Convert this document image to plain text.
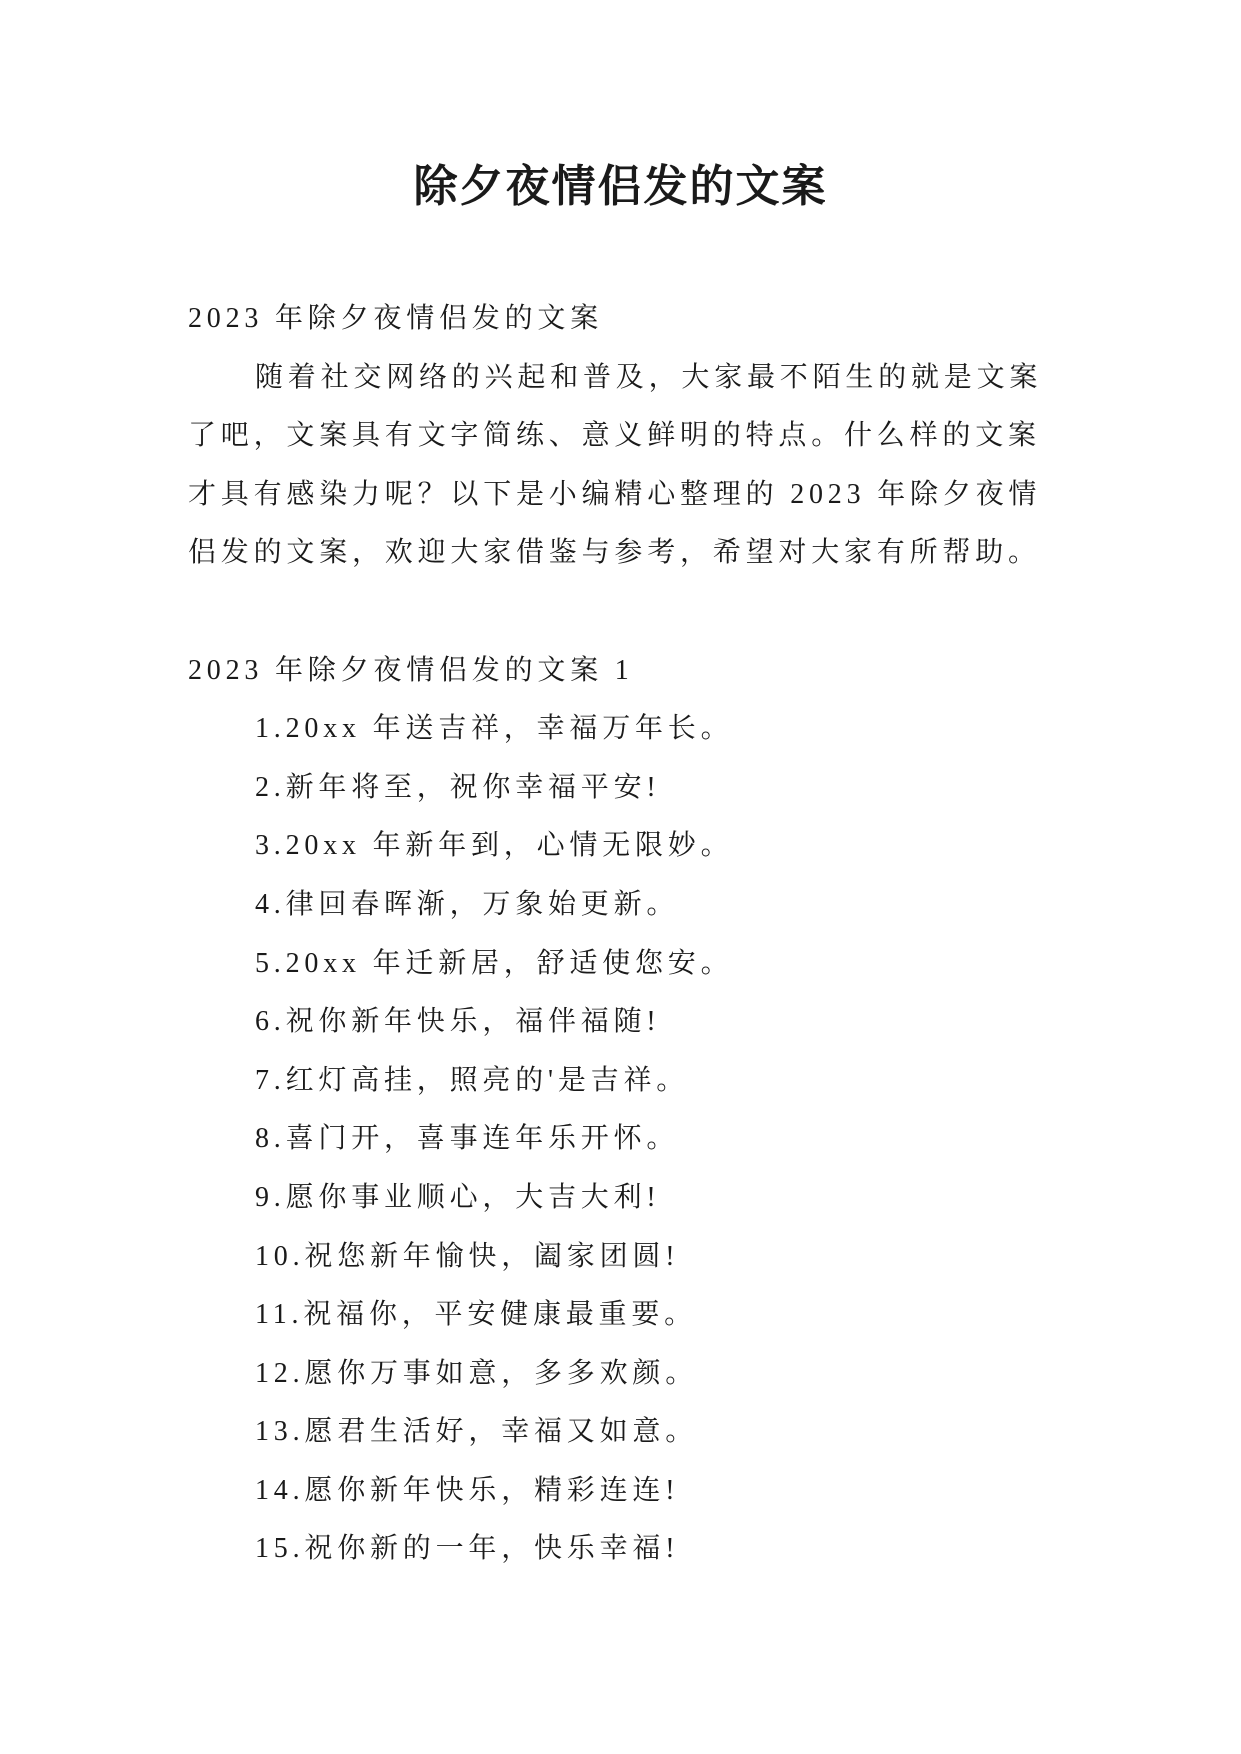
除夕夜情侣发的文案
2023 年除夕夜情侣发的文案
随着社交网络的兴起和普及，大家最不陌生的就是文案
了吧，文案具有文字简练、意义鲜明的特点。什么样的文案
才具有感染力呢？以下是小编精心整理的 2023 年除夕夜情
侣发的文案，欢迎大家借鉴与参考，希望对大家有所帮助。
2023 年除夕夜情侣发的文案 1
1.20xx 年送吉祥，幸福万年长。
2.新年将至，祝你幸福平安!
3.20xx 年新年到，心情无限妙。
4.律回春晖渐，万象始更新。
5.20xx 年迁新居，舒适使您安。
6.祝你新年快乐，福伴福随!
7.红灯高挂，照亮的'是吉祥。
8.喜门开，喜事连年乐开怀。
9.愿你事业顺心，大吉大利!
10.祝您新年愉快，阖家团圆!
11.祝福你，平安健康最重要。
12.愿你万事如意，多多欢颜。
13.愿君生活好，幸福又如意。
14.愿你新年快乐，精彩连连!
15.祝你新的一年，快乐幸福!
